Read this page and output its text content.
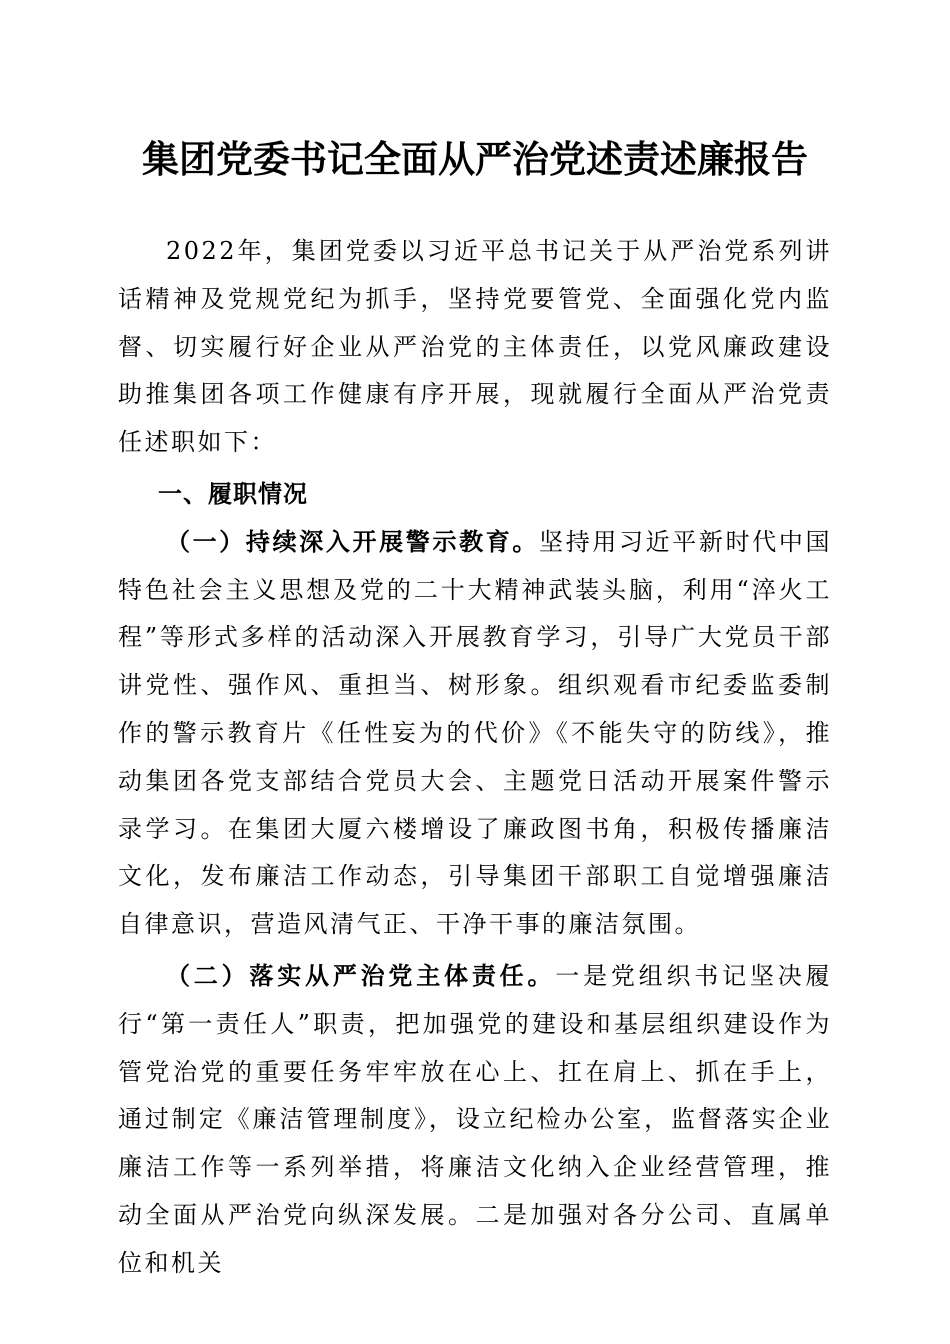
集团党委书记全面从严治党述责述廉报告

2022年，集团党委以习近平总书记关于从严治党系列讲话精神及党规党纪为抓手，坚持党要管党、全面强化党内监督、切实履行好企业从严治党的主体责任，以党风廉政建设助推集团各项工作健康有序开展，现就履行全面从严治党责任述职如下：

一、履职情况

（一）持续深入开展警示教育。坚持用习近平新时代中国特色社会主义思想及党的二十大精神武装头脑，利用“淬火工程”等形式多样的活动深入开展教育学习，引导广大党员干部讲党性、强作风、重担当、树形象。组织观看市纪委监委制作的警示教育片《任性妄为的代价》《不能失守的防线》，推动集团各党支部结合党员大会、主题党日活动开展案件警示录学习。在集团大厦六楼增设了廉政图书角，积极传播廉洁文化，发布廉洁工作动态，引导集团干部职工自觉增强廉洁自律意识，营造风清气正、干净干事的廉洁氛围。

（二）落实从严治党主体责任。一是党组织书记坚决履行“第一责任人”职责，把加强党的建设和基层组织建设作为管党治党的重要任务牢牢放在心上、扛在肩上、抓在手上，通过制定《廉洁管理制度》，设立纪检办公室，监督落实企业廉洁工作等一系列举措，将廉洁文化纳入企业经营管理，推动全面从严治党向纵深发展。二是加强对各分公司、直属单位和机关
